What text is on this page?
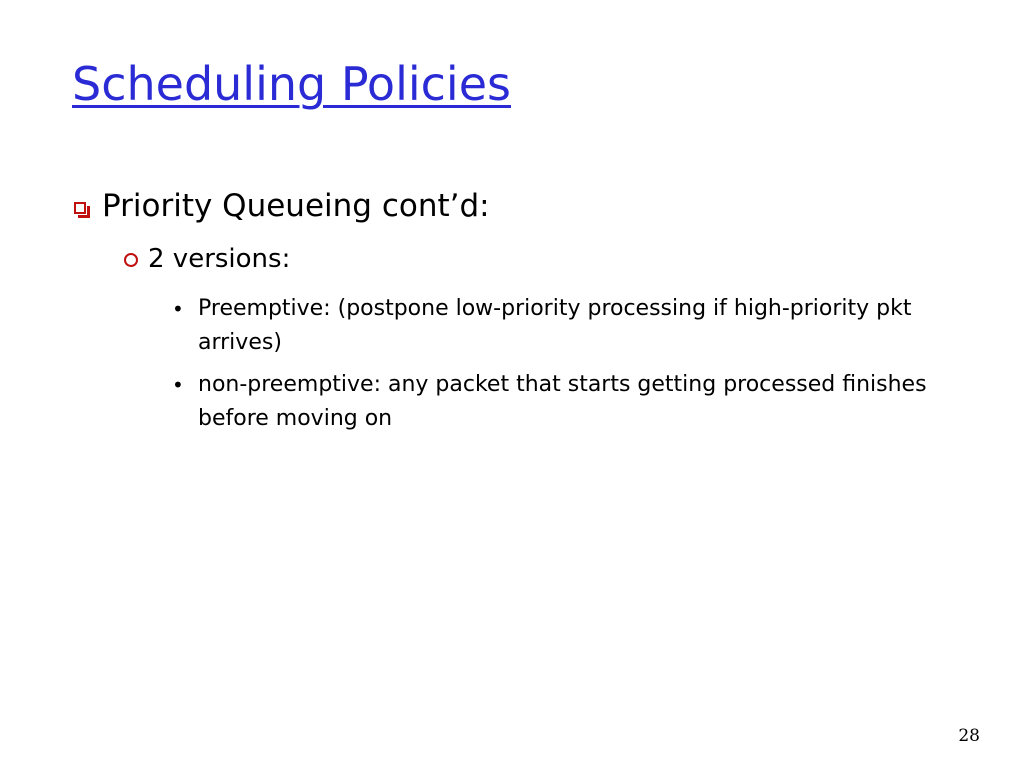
Scheduling Policies
Priority Queueing cont’d:
2 versions:
• Preemptive: (postpone low-priority processing if high-priority pkt arrives)
• non-preemptive: any packet that starts getting processed finishes before moving on
28
